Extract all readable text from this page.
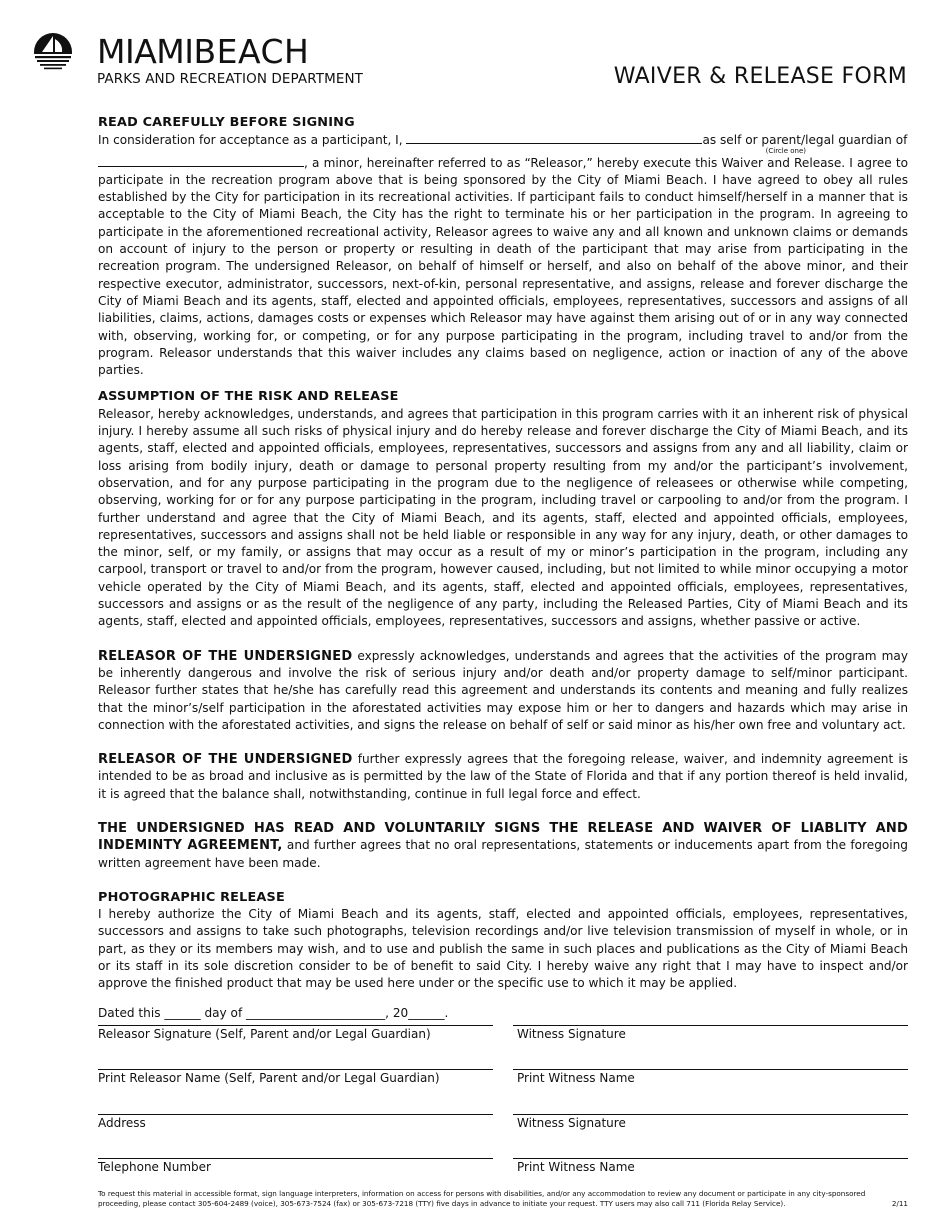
MIAMIBEACH
PARKS AND RECREATION DEPARTMENT	WAIVER & RELEASE FORM
READ CAREFULLY BEFORE SIGNING
In consideration for acceptance as a participant, I,	as self or parent/legal guardian of
(Circle one)
, a minor, hereinafter referred to as “Releasor,” hereby execute this Waiver and Release. I agree to participate in the recreation program above that is being sponsored by the City of Miami Beach. I have agreed to obey all rules established by the City for participation in its recreational activities. If participant fails to conduct himself/herself in a manner that is acceptable to the City of Miami Beach, the City has the right to terminate his or her participation in the program. In agreeing to participate in the aforementioned recreational activity, Releasor agrees to waive any and all known and unknown claims or demands on account of injury to the person or property or resulting in death of the participant that may arise from participating in the recreation program. The undersigned Releasor, on behalf of himself or herself, and also on behalf of the above minor, and their respective executor, administrator, successors, next-of-kin, personal representative, and assigns, release and forever discharge the City of Miami Beach and its agents, staff, elected and appointed officials, employees, representatives, successors and assigns of all liabilities, claims, actions, damages costs or expenses which Releasor may have against them arising out of or in any way connected with, observing, working for, or competing, or for any purpose participating in the program, including travel to and/or from the program. Releasor understands that this waiver includes any claims based on negligence, action or inaction of any of the above parties.
ASSUMPTION OF THE RISK AND RELEASE
Releasor, hereby acknowledges, understands, and agrees that participation in this program carries with it an inherent risk of physical injury. I hereby assume all such risks of physical injury and do hereby release and forever discharge the City of Miami Beach, and its agents, staff, elected and appointed officials, employees, representatives, successors and assigns from any and all liability, claim or loss arising from bodily injury, death or damage to personal property resulting from my and/or the participant’s involvement, observation, and for any purpose participating in the program due to the negligence of releasees or otherwise while competing, observing, working for or for any purpose participating in the program, including travel or carpooling to and/or from the program. I further understand and agree that the City of Miami Beach, and its agents, staff, elected and appointed officials, employees, representatives, successors and assigns shall not be held liable or responsible in any way for any injury, death, or other damages to the minor, self, or my family, or assigns that may occur as a result of my or minor’s participation in the program, including any carpool, transport or travel to and/or from the program, however caused, including, but not limited to while minor occupying a motor vehicle operated by the City of Miami Beach, and its agents, staff, elected and appointed officials, employees, representatives, successors and assigns or as the result of the negligence of any party, including the Released Parties, City of Miami Beach and its agents, staff, elected and appointed officials, employees, representatives, successors and assigns, whether passive or active.
RELEASOR OF THE UNDERSIGNED expressly acknowledges, understands and agrees that the activities of the program may be inherently dangerous and involve the risk of serious injury and/or death and/or property damage to self/minor participant. Releasor further states that he/she has carefully read this agreement and understands its contents and meaning and fully realizes that the minor’s/self participation in the aforestated activities may expose him or her to dangers and hazards which may arise in connection with the aforestated activities, and signs the release on behalf of self or said minor as his/her own free and voluntary act.
RELEASOR OF THE UNDERSIGNED further expressly agrees that the foregoing release, waiver, and indemnity agreement is intended to be as broad and inclusive as is permitted by the law of the State of Florida and that if any portion thereof is held invalid, it is agreed that the balance shall, notwithstanding, continue in full legal force and effect.
THE UNDERSIGNED HAS READ AND VOLUNTARILY SIGNS THE RELEASE AND WAIVER OF LIABLITY AND INDEMINTY AGREEMENT, and further agrees that no oral representations, statements or inducements apart from the foregoing written agreement have been made.
PHOTOGRAPHIC RELEASE
I hereby authorize the City of Miami Beach and its agents, staff, elected and appointed officials, employees, representatives, successors and assigns to take such photographs, television recordings and/or live television transmission of myself in whole, or in part, as they or its members may wish, and to use and publish the same in such places and publications as the City of Miami Beach or its staff in its sole discretion consider to be of benefit to said City. I hereby waive any right that I may have to inspect and/or approve the finished product that may be used here under or the specific use to which it may be applied.
Dated this ______ day of _______________________, 20______.
Releasor Signature (Self, Parent and/or Legal Guardian)	Witness Signature
Print Releasor Name (Self, Parent and/or Legal Guardian)	Print Witness Name
Address	Witness Signature
Telephone Number	Print Witness Name
To request this material in accessible format, sign language interpreters, information on access for persons with disabilities, and/or any accommodation to review any document or participate in any city-sponsored proceeding, please contact 305-604-2489 (voice), 305-673-7524 (fax) or 305-673-7218 (TTY) five days in advance to initiate your request. TTY users may also call 711 (Florida Relay Service).	2/11
